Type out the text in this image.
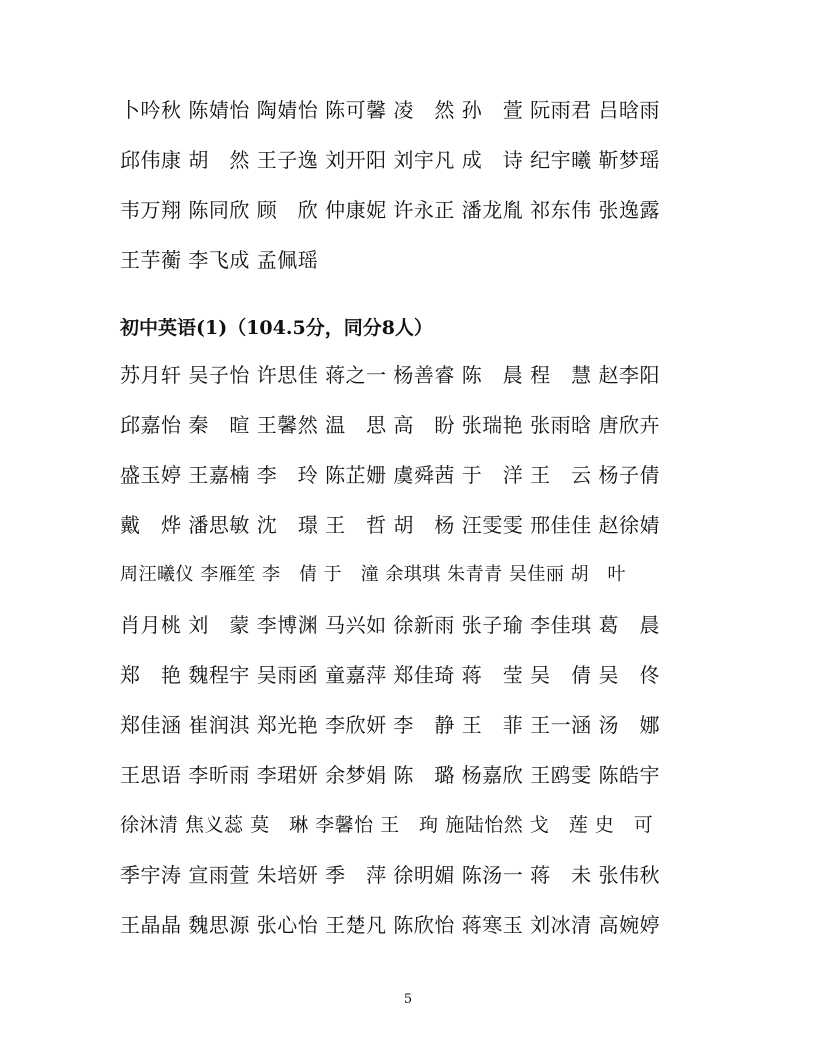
卜吟秋 陈婧怡 陶婧怡 陈可馨 凌　然 孙　萱 阮雨君 吕晗雨
邱伟康 胡　然 王子逸 刘开阳 刘宇凡 成　诗 纪宇曦 靳梦瑶
韦万翔 陈同欣 顾　欣 仲康妮 许永正 潘龙胤 祁东伟 张逸露
王芋蘅 李飞成 孟佩瑶
初中英语(1)（104.5分，同分8人）
苏月轩 吴子怡 许思佳 蒋之一 杨善睿 陈　晨 程　慧 赵李阳
邱嘉怡 秦　暄 王馨然 温　思 高　盼 张瑞艳 张雨晗 唐欣卉
盛玉婷 王嘉楠 李　玲 陈芷姗 虞舜茜 于　洋 王　云 杨子倩
戴　烨 潘思敏 沈　璟 王　哲 胡　杨 汪雯雯 邢佳佳 赵徐婧
周汪曦仪 李雁笙 李　倩 于　潼 余琪琪 朱青青 吴佳丽 胡　叶
肖月桃 刘　蒙 李博渊 马兴如 徐新雨 张子瑜 李佳琪 葛　晨
郑　艳 魏程宇 吴雨函 童嘉萍 郑佳琦 蒋　莹 吴　倩 吴　佟
郑佳涵 崔润淇 郑光艳 李欣妍 李　静 王　菲 王一涵 汤　娜
王思语 李昕雨 李珺妍 余梦娟 陈　璐 杨嘉欣 王鸥雯 陈皓宇
徐沐清 焦义蕊 莫　琳 李馨怡 王　珣 施陆怡然 戈　莲 史　可
季宇涛 宣雨萱 朱培妍 季　萍 徐明媚 陈汤一 蒋　未 张伟秋
王晶晶 魏思源 张心怡 王楚凡 陈欣怡 蒋寒玉 刘冰清 高婉婷
5
